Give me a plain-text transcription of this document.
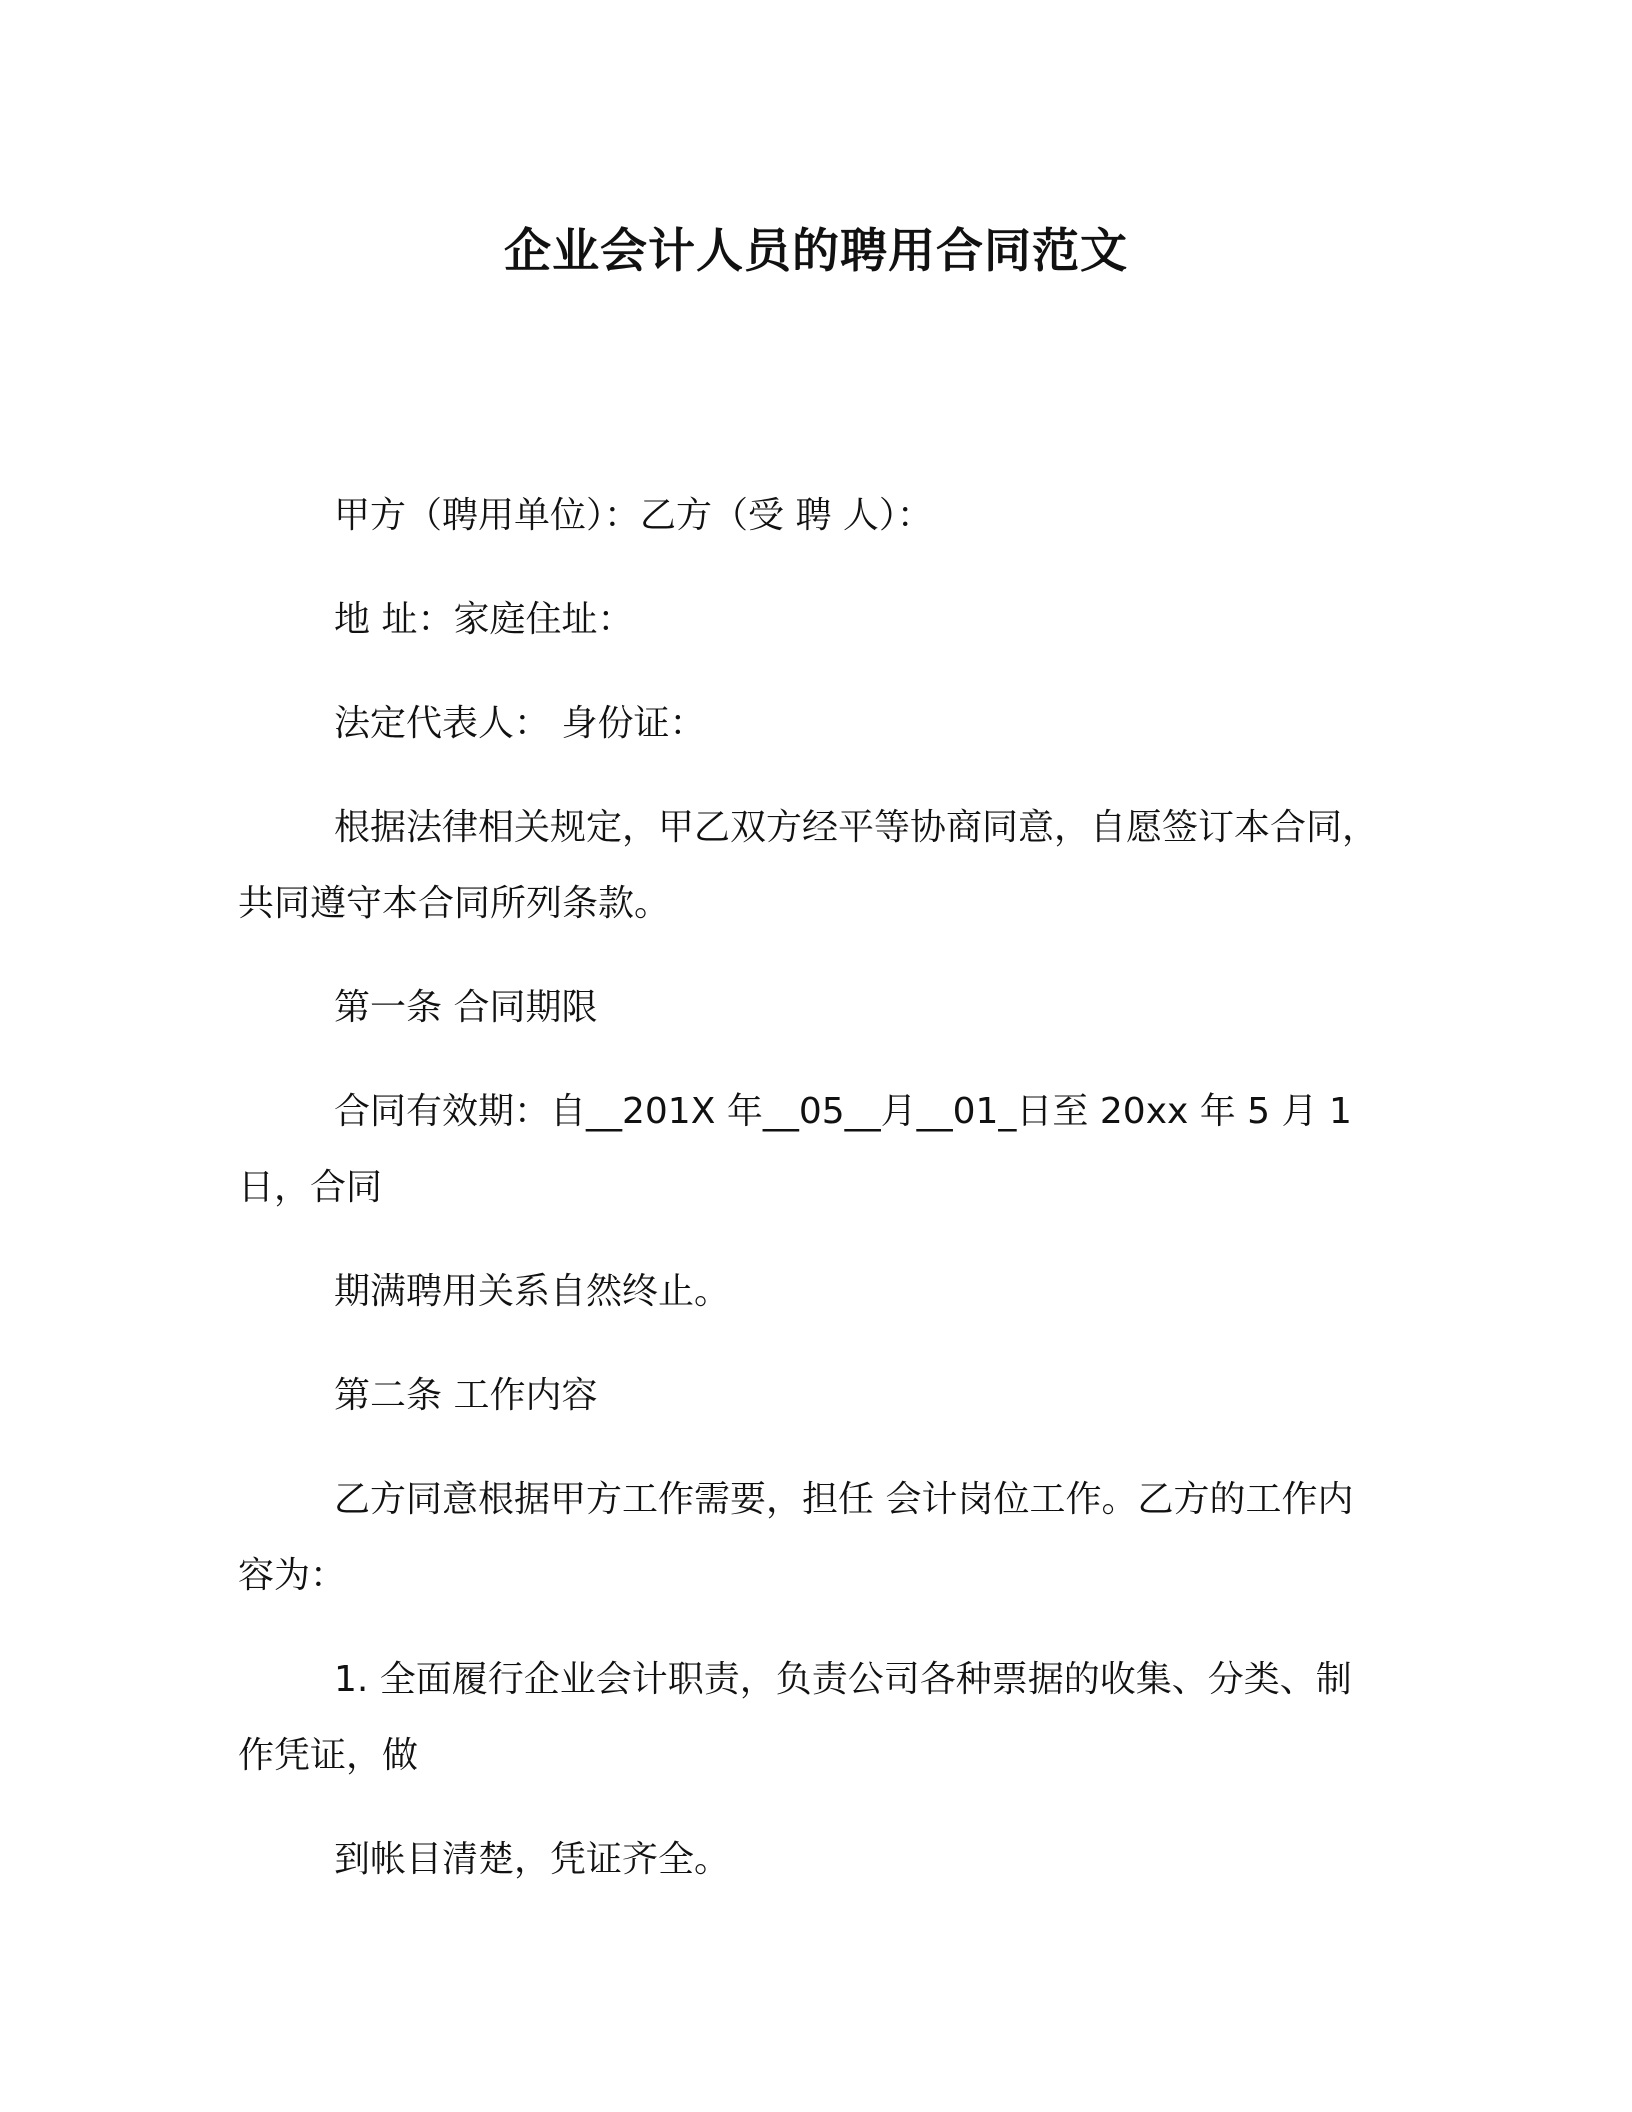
企业会计人员的聘用合同范文

甲方（聘用单位）：乙方（受 聘 人）：

地 址：家庭住址：

法定代表人： 身份证：

根据法律相关规定，甲乙双方经平等协商同意，自愿签订本合同，
共同遵守本合同所列条款。

第一条 合同期限

合同有效期：自__201X 年__05__月__01_日至 20xx 年 5 月 1
日，合同

期满聘用关系自然终止。

第二条 工作内容

乙方同意根据甲方工作需要，担任 会计岗位工作。乙方的工作内
容为：

1. 全面履行企业会计职责，负责公司各种票据的收集、分类、制
作凭证，做

到帐目清楚，凭证齐全。
